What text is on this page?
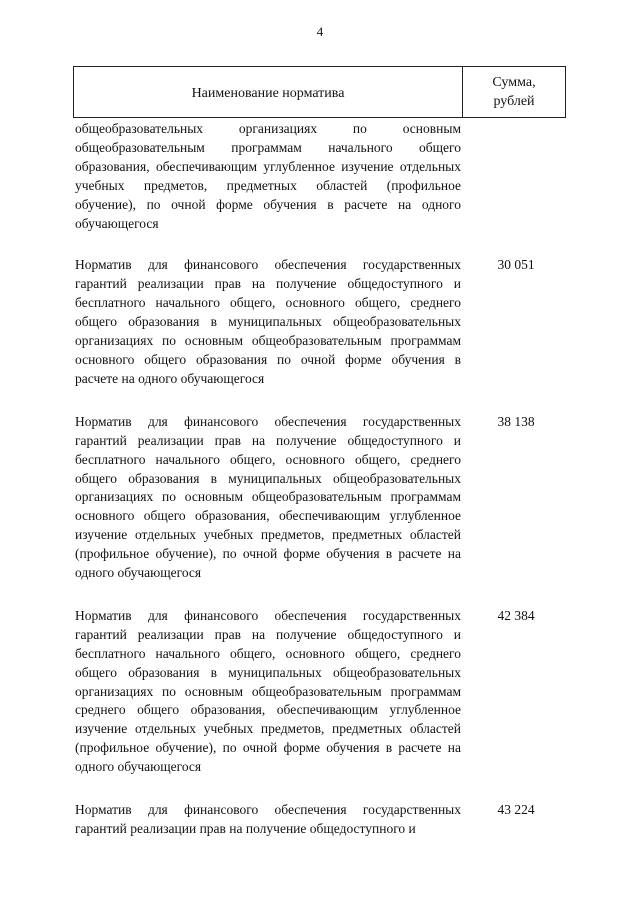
4
Наименование норматива
Сумма,
рублей
общеобразовательных организациях по основным общеобразовательным программам начального общего образования, обеспечивающим углубленное изучение отдельных учебных предметов, предметных областей (профильное обучение), по очной форме обучения в расчете на одного обучающегося
Норматив для финансового обеспечения государственных гарантий реализации прав на получение общедоступного и бесплатного начального общего, основного общего, среднего общего образования в муниципальных общеобразовательных организациях по основным общеобразовательным программам основного общего образования по очной форме обучения в расчете на одного обучающегося
30 051
Норматив для финансового обеспечения государственных гарантий реализации прав на получение общедоступного и бесплатного начального общего, основного общего, среднего общего образования в муниципальных общеобразовательных организациях по основным общеобразовательным программам основного общего образования, обеспечивающим углубленное изучение отдельных учебных предметов, предметных областей (профильное обучение), по очной форме обучения в расчете на одного обучающегося
38 138
Норматив для финансового обеспечения государственных гарантий реализации прав на получение общедоступного и бесплатного начального общего, основного общего, среднего общего образования в муниципальных общеобразовательных организациях по основным общеобразовательным программам среднего общего образования, обеспечивающим углубленное изучение отдельных учебных предметов, предметных областей (профильное обучение), по очной форме обучения в расчете на одного обучающегося
42 384
Норматив для финансового обеспечения государственных гарантий реализации прав на получение общедоступного и
43 224
